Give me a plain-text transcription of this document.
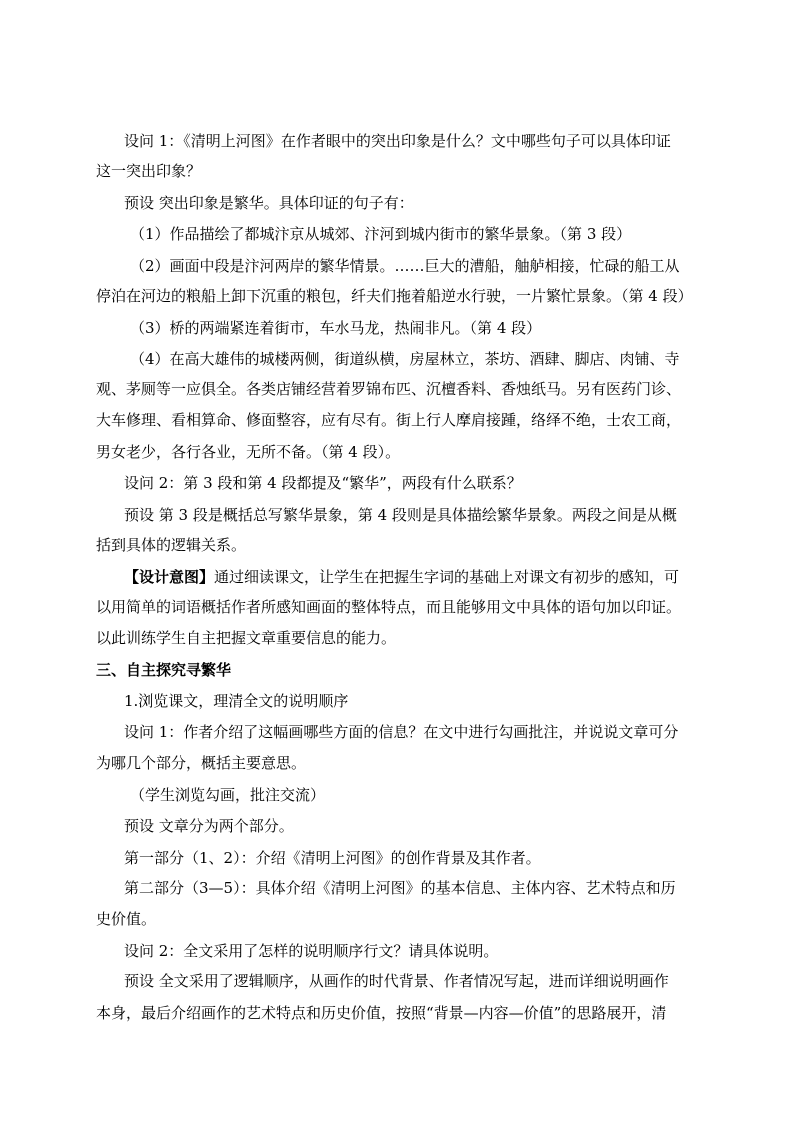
设问 1：《清明上河图》在作者眼中的突出印象是什么？文中哪些句子可以具体印证
这一突出印象？
预设 突出印象是繁华。具体印证的句子有：
（1）作品描绘了都城汴京从城郊、汴河到城内街市的繁华景象。（第 3 段）
（2）画面中段是汴河两岸的繁华情景。……巨大的漕船，舳舻相接，忙碌的船工从
停泊在河边的粮船上卸下沉重的粮包，纤夫们拖着船逆水行驶，一片繁忙景象。（第 4 段）
（3）桥的两端紧连着街市，车水马龙，热闹非凡。（第 4 段）
（4）在高大雄伟的城楼两侧，街道纵横，房屋林立，茶坊、酒肆、脚店、肉铺、寺
观、茅厕等一应俱全。各类店铺经营着罗锦布匹、沉檀香料、香烛纸马。另有医药门诊、
大车修理、看相算命、修面整容，应有尽有。街上行人摩肩接踵，络绎不绝，士农工商，
男女老少，各行各业，无所不备。（第 4 段）。
设问 2：第 3 段和第 4 段都提及“繁华”，两段有什么联系？
预设 第 3 段是概括总写繁华景象，第 4 段则是具体描绘繁华景象。两段之间是从概
括到具体的逻辑关系。
【设计意图】通过细读课文，让学生在把握生字词的基础上对课文有初步的感知，可
以用简单的词语概括作者所感知画面的整体特点，而且能够用文中具体的语句加以印证。
以此训练学生自主把握文章重要信息的能力。
三、自主探究寻繁华
1.浏览课文，理清全文的说明顺序
设问 1：作者介绍了这幅画哪些方面的信息？在文中进行勾画批注，并说说文章可分
为哪几个部分，概括主要意思。
（学生浏览勾画，批注交流）
预设 文章分为两个部分。
第一部分（1、2）：介绍《清明上河图》的创作背景及其作者。
第二部分（3—5）：具体介绍《清明上河图》的基本信息、主体内容、艺术特点和历
史价值。
设问 2：全文采用了怎样的说明顺序行文？请具体说明。
预设 全文采用了逻辑顺序，从画作的时代背景、作者情况写起，进而详细说明画作
本身，最后介绍画作的艺术特点和历史价值，按照“背景—内容—价值”的思路展开，清
